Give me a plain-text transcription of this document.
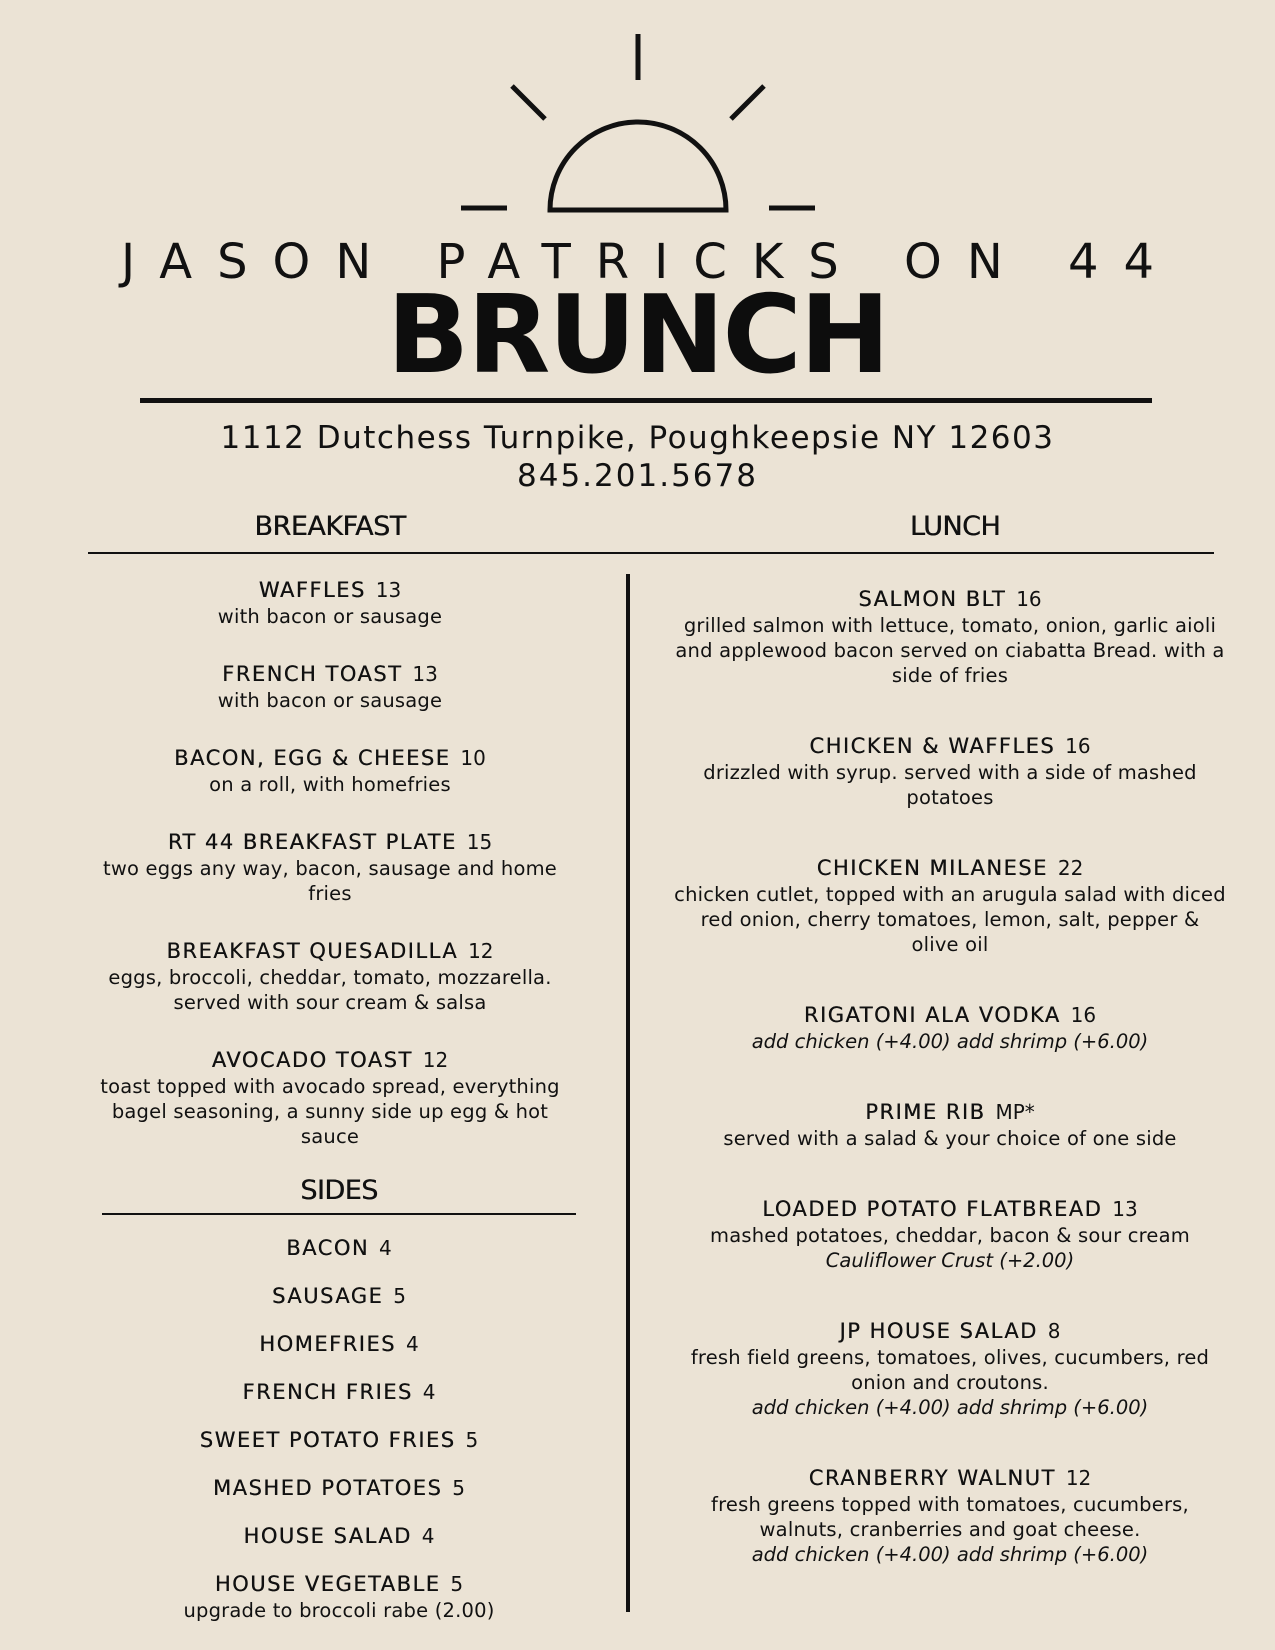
JASON PATRICKS ON 44
BRUNCH
1112 Dutchess Turnpike, Poughkeepsie NY 12603
845.201.5678
BREAKFAST	LUNCH
WAFFLES 13
with bacon or sausage
FRENCH TOAST 13
with bacon or sausage
BACON, EGG & CHEESE 10
on a roll, with homefries
RT 44 BREAKFAST PLATE 15
two eggs any way, bacon, sausage and home fries
BREAKFAST QUESADILLA 12
eggs, broccoli, cheddar, tomato, mozzarella. served with sour cream & salsa
AVOCADO TOAST 12
toast topped with avocado spread, everything bagel seasoning, a sunny side up egg & hot sauce
SIDES
BACON 4
SAUSAGE 5
HOMEFRIES 4
FRENCH FRIES 4
SWEET POTATO FRIES 5
MASHED POTATOES 5
HOUSE SALAD 4
HOUSE VEGETABLE 5
upgrade to broccoli rabe (2.00)
SALMON BLT 16
grilled salmon with lettuce, tomato, onion, garlic aioli and applewood bacon served on ciabatta Bread. with a side of fries
CHICKEN & WAFFLES 16
drizzled with syrup. served with a side of mashed potatoes
CHICKEN MILANESE 22
chicken cutlet, topped with an arugula salad with diced red onion, cherry tomatoes, lemon, salt, pepper & olive oil
RIGATONI ALA VODKA 16
add chicken (+4.00) add shrimp (+6.00)
PRIME RIB MP*
served with a salad & your choice of one side
LOADED POTATO FLATBREAD 13
mashed potatoes, cheddar, bacon & sour cream
Cauliflower Crust (+2.00)
JP HOUSE SALAD 8
fresh field greens, tomatoes, olives, cucumbers, red onion and croutons.
add chicken (+4.00) add shrimp (+6.00)
CRANBERRY WALNUT 12
fresh greens topped with tomatoes, cucumbers, walnuts, cranberries and goat cheese.
add chicken (+4.00) add shrimp (+6.00)
